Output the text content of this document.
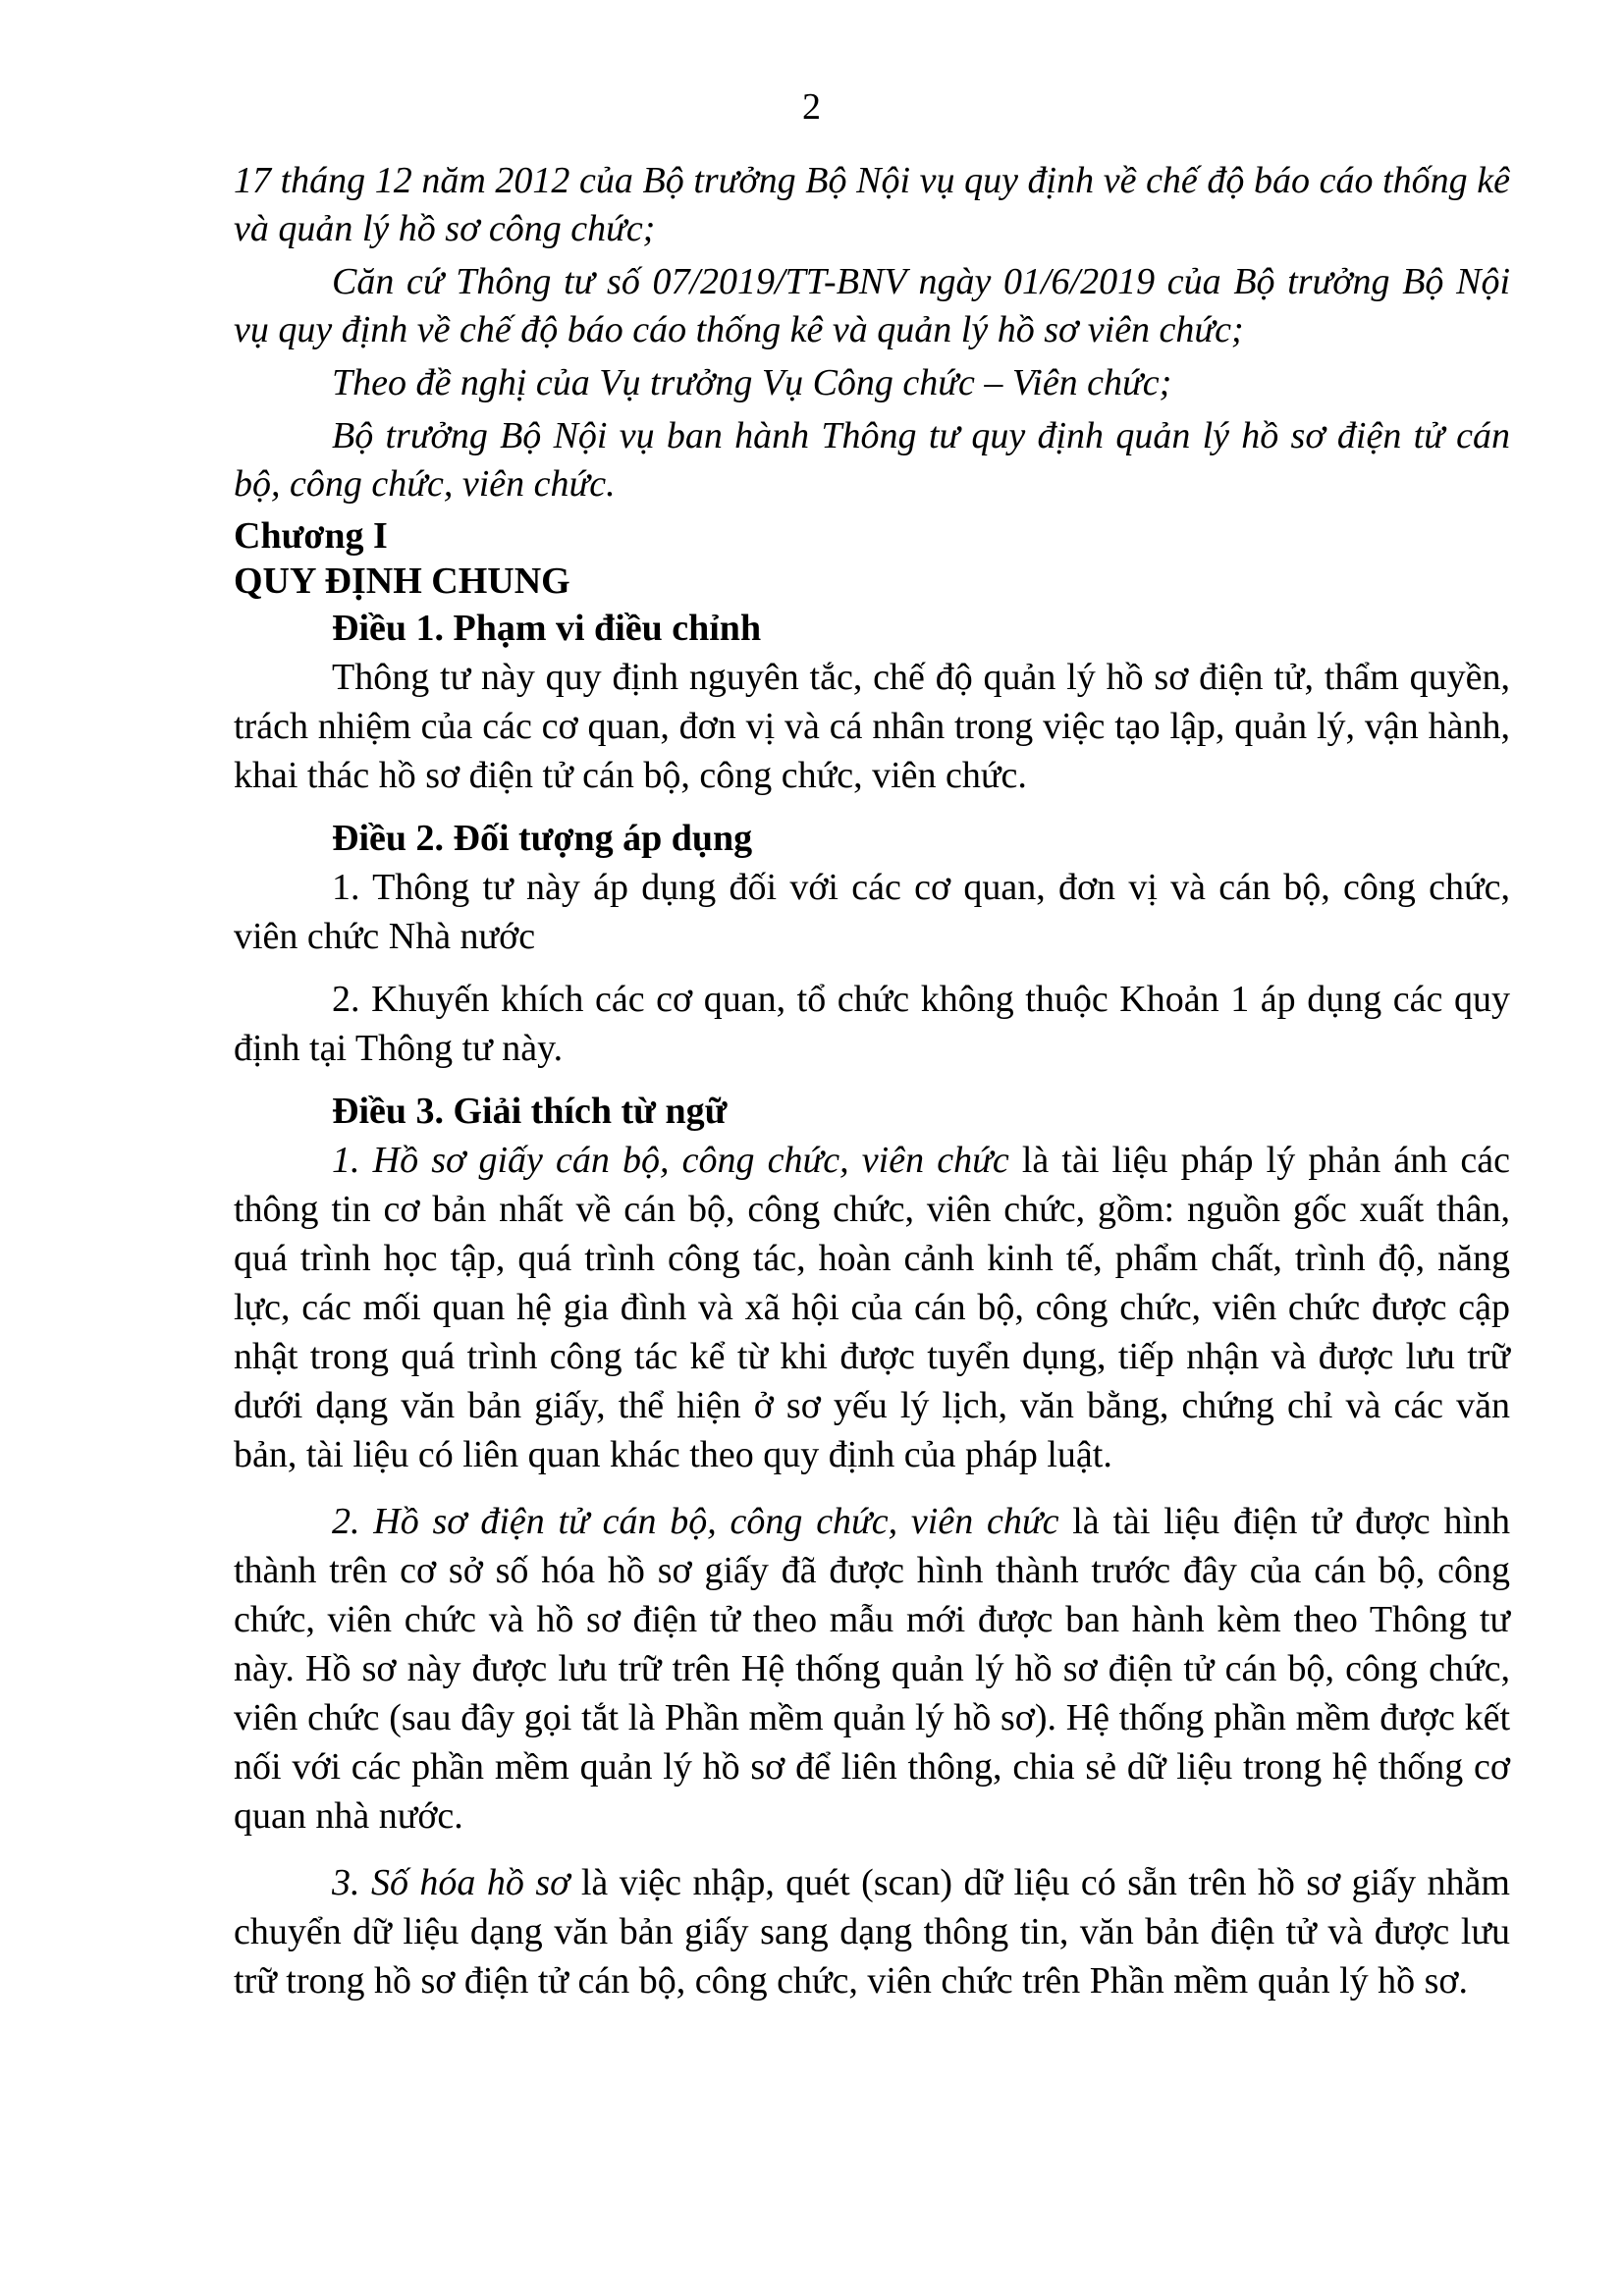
2

17 tháng 12 năm 2012 của Bộ trưởng Bộ Nội vụ quy định về chế độ báo cáo thống kê và quản lý hồ sơ công chức;

Căn cứ Thông tư số 07/2019/TT-BNV ngày 01/6/2019 của Bộ trưởng Bộ Nội vụ quy định về chế độ báo cáo thống kê và quản lý hồ sơ viên chức;

Theo đề nghị của Vụ trưởng Vụ Công chức – Viên chức;

Bộ trưởng Bộ Nội vụ ban hành Thông tư quy định quản lý hồ sơ điện tử cán bộ, công chức, viên chức.

Chương I

QUY ĐỊNH CHUNG

Điều 1. Phạm vi điều chỉnh

Thông tư này quy định nguyên tắc, chế độ quản lý hồ sơ điện tử, thẩm quyền, trách nhiệm của các cơ quan, đơn vị và cá nhân trong việc tạo lập, quản lý, vận hành, khai thác hồ sơ điện tử cán bộ, công chức, viên chức.

Điều 2. Đối tượng áp dụng

1. Thông tư này áp dụng đối với các cơ quan, đơn vị và cán bộ, công chức, viên chức Nhà nước

2. Khuyến khích các cơ quan, tổ chức không thuộc Khoản 1 áp dụng các quy định tại Thông tư này.

Điều 3. Giải thích từ ngữ

1. Hồ sơ giấy cán bộ, công chức, viên chức là tài liệu pháp lý phản ánh các thông tin cơ bản nhất về cán bộ, công chức, viên chức, gồm: nguồn gốc xuất thân, quá trình học tập, quá trình công tác, hoàn cảnh kinh tế, phẩm chất, trình độ, năng lực, các mối quan hệ gia đình và xã hội của cán bộ, công chức, viên chức được cập nhật trong quá trình công tác kể từ khi được tuyển dụng, tiếp nhận và được lưu trữ dưới dạng văn bản giấy, thể hiện ở sơ yếu lý lịch, văn bằng, chứng chỉ và các văn bản, tài liệu có liên quan khác theo quy định của pháp luật.

2. Hồ sơ điện tử cán bộ, công chức, viên chức là tài liệu điện tử được hình thành trên cơ sở số hóa hồ sơ giấy đã được hình thành trước đây của cán bộ, công chức, viên chức và hồ sơ điện tử theo mẫu mới được ban hành kèm theo Thông tư này. Hồ sơ này được lưu trữ trên Hệ thống quản lý hồ sơ điện tử cán bộ, công chức, viên chức (sau đây gọi tắt là Phần mềm quản lý hồ sơ). Hệ thống phần mềm được kết nối với các phần mềm quản lý hồ sơ để liên thông, chia sẻ dữ liệu trong hệ thống cơ quan nhà nước.

3. Số hóa hồ sơ là việc nhập, quét (scan) dữ liệu có sẵn trên hồ sơ giấy nhằm chuyển dữ liệu dạng văn bản giấy sang dạng thông tin, văn bản điện tử và được lưu trữ trong hồ sơ điện tử cán bộ, công chức, viên chức trên Phần mềm quản lý hồ sơ.
